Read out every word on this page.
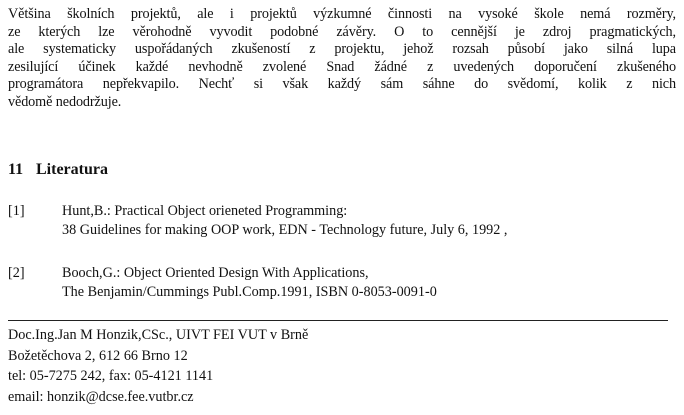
Většina školních projektů, ale i projektů výzkumné činnosti na vysoké škole nemá rozměry,
ze kterých lze věrohodně vyvodit podobné závěry. O to cennější je zdroj pragmatických,
ale systematicky uspořádaných zkušeností z projektu, jehož rozsah působí jako silná lupa
zesilující účinek každé nevhodně zvolené Snad žádné z uvedených doporučení zkušeného
programátora nepřekvapilo. Nechť si však každý sám sáhne do svědomí, kolik z nich
vědomě nedodržuje.

11 Literatura
[1]	Hunt,B.: Practical Object orieneted Programming:
38 Guidelines for making OOP work, EDN - Technology future, July 6, 1992 ,
[2]	Booch,G.: Object Oriented Design With Applications,
The Benjamin/Cummings Publ.Comp.1991, ISBN 0-8053-0091-0
Doc.Ing.Jan M Honzik,CSc., UIVT FEI VUT v Brně
Božetěchova 2, 612 66 Brno 12
tel: 05-7275 242, fax: 05-4121 1141
email: honzik@dcse.fee.vutbr.cz
